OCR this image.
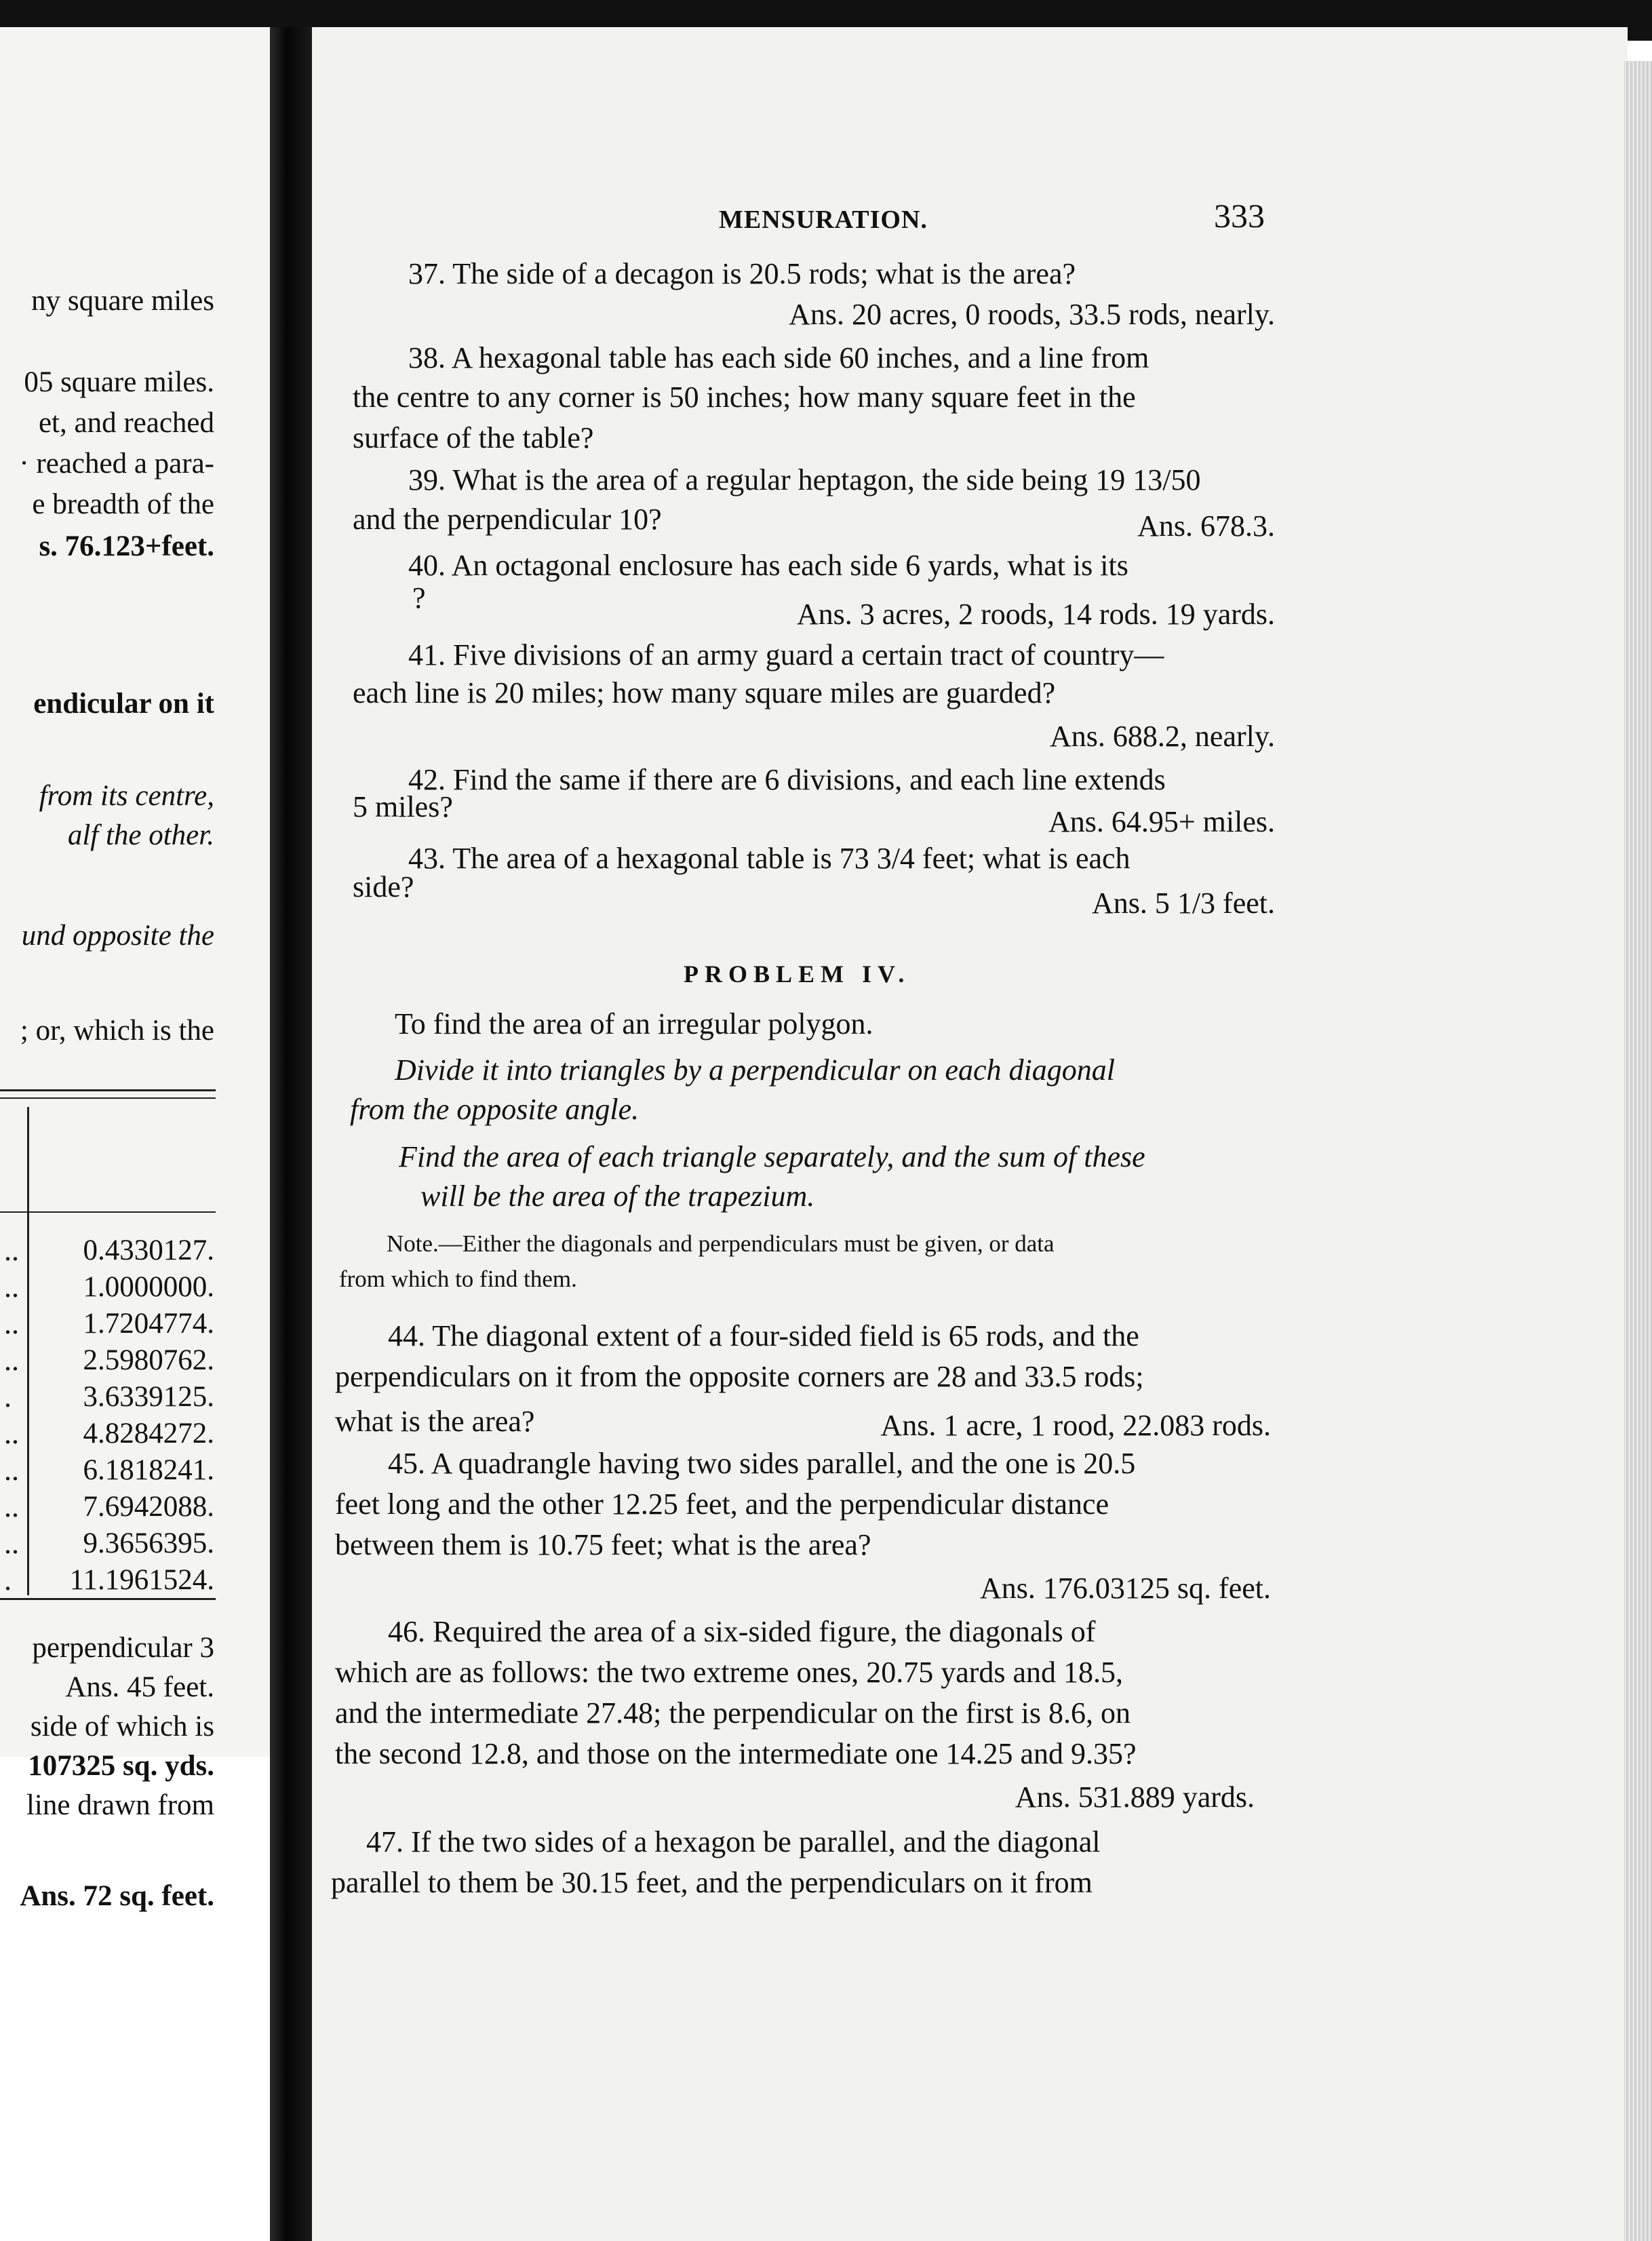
ny square miles
05 square miles.
et, and reached
· reached a para-
e breadth of the
s. 76.123+feet.
endicular on it
from its centre,
alf the other.
und opposite the
; or, which is the
.. 0.4330127.
.. 1.0000000.
.. 1.7204774.
.. 2.5980762.
. 3.6339125.
.. 4.8284272.
.. 6.1818241.
.. 7.6942088.
.. 9.3656395.
. 11.1961524.
perpendicular 3
Ans. 45 feet.
side of which is
107325 sq. yds.
line drawn from
Ans. 72 sq. feet.
MENSURATION.	333
37. The side of a decagon is 20.5 rods; what is the area?
Ans. 20 acres, 0 roods, 33.5 rods, nearly.
38. A hexagonal table has each side 60 inches, and a line from
the centre to any corner is 50 inches; how many square feet in the
surface of the table?
39. What is the area of a regular heptagon, the side being 19 13/50
and the perpendicular 10?	Ans. 678.3.
40. An octagonal enclosure has each side 6 yards, what is its
?	Ans. 3 acres, 2 roods, 14 rods. 19 yards.
41. Five divisions of an army guard a certain tract of country—
each line is 20 miles; how many square miles are guarded?
Ans. 688.2, nearly.
42. Find the same if there are 6 divisions, and each line extends
5 miles?	Ans. 64.95+ miles.
43. The area of a hexagonal table is 73 3/4 feet; what is each
side?	Ans. 5 1/3 feet.
PROBLEM IV.
To find the area of an irregular polygon.
Divide it into triangles by a perpendicular on each diagonal
from the opposite angle.
Find the area of each triangle separately, and the sum of these
will be the area of the trapezium.
Note.—Either the diagonals and perpendiculars must be given, or data
from which to find them.
44. The diagonal extent of a four-sided field is 65 rods, and the
perpendiculars on it from the opposite corners are 28 and 33.5 rods;
what is the area?	Ans. 1 acre, 1 rood, 22.083 rods.
45. A quadrangle having two sides parallel, and the one is 20.5
feet long and the other 12.25 feet, and the perpendicular distance
between them is 10.75 feet; what is the area?
Ans. 176.03125 sq. feet.
46. Required the area of a six-sided figure, the diagonals of
which are as follows: the two extreme ones, 20.75 yards and 18.5,
and the intermediate 27.48; the perpendicular on the first is 8.6, on
the second 12.8, and those on the intermediate one 14.25 and 9.35?
Ans. 531.889 yards.
47. If the two sides of a hexagon be parallel, and the diagonal
parallel to them be 30.15 feet, and the perpendiculars on it from
